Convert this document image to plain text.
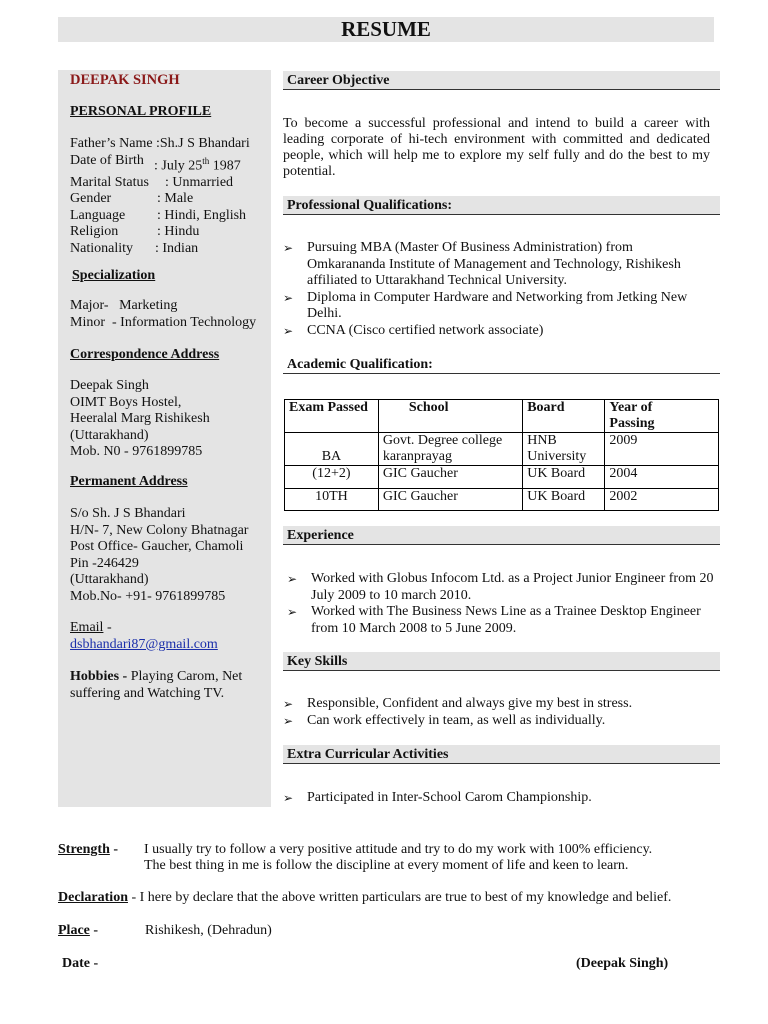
RESUME
DEEPAK SINGH
PERSONAL PROFILE
Father’s Name :Sh.J S Bhandari
Date of Birth : July 25th 1987
Marital Status	: Unmarried
Gender	: Male
Language	: Hindi, English
Religion	: Hindu
Nationality	: Indian
Specialization
Major-   Marketing
Minor  - Information Technology
Correspondence Address
Deepak Singh
OIMT Boys Hostel,
Heeralal Marg Rishikesh
(Uttarakhand)
Mob. N0 - 9761899785
Permanent Address
S/o Sh. J S Bhandari
H/N- 7, New Colony Bhatnagar
Post Office- Gaucher, Chamoli
Pin -246429
(Uttarakhand)
Mob.No- +91- 9761899785
Email -
dsbhandari87@gmail.com
Hobbies - Playing Carom, Net suffering and Watching TV.
Career Objective
To become a successful professional and intend to build a career with leading corporate of hi-tech environment with committed and dedicated people, which will help me to explore my self fully and do the best to my potential.
Professional Qualifications:
➢ Pursuing MBA (Master Of Business Administration) from Omkarananda Institute of Management and Technology, Rishikesh affiliated to Uttarakhand Technical University.
➢ Diploma in Computer Hardware and Networking from Jetking New Delhi.
➢ CCNA (Cisco certified network associate)
Academic Qualification:
Exam Passed	School	Board	Year of Passing
BA	Govt. Degree college karanprayag	HNB University	2009
(12+2)	GIC Gaucher	UK Board	2004
10TH	GIC Gaucher	UK Board	2002
Experience
➢ Worked with Globus Infocom Ltd. as a Project Junior Engineer from 20 July 2009 to 10 march 2010.
➢ Worked with The Business News Line as a Trainee Desktop Engineer from 10 March 2008 to 5 June 2009.
Key Skills
➢ Responsible, Confident and always give my best in stress.
➢ Can work effectively in team, as well as individually.
Extra Curricular Activities
➢ Participated in Inter-School Carom Championship.
Strength - I usually try to follow a very positive attitude and try to do my work with 100% efficiency.
The best thing in me is follow the discipline at every moment of life and keen to learn.
Declaration - I here by declare that the above written particulars are true to best of my knowledge and belief.
Place -	Rishikesh, (Dehradun)
Date -	(Deepak Singh)
